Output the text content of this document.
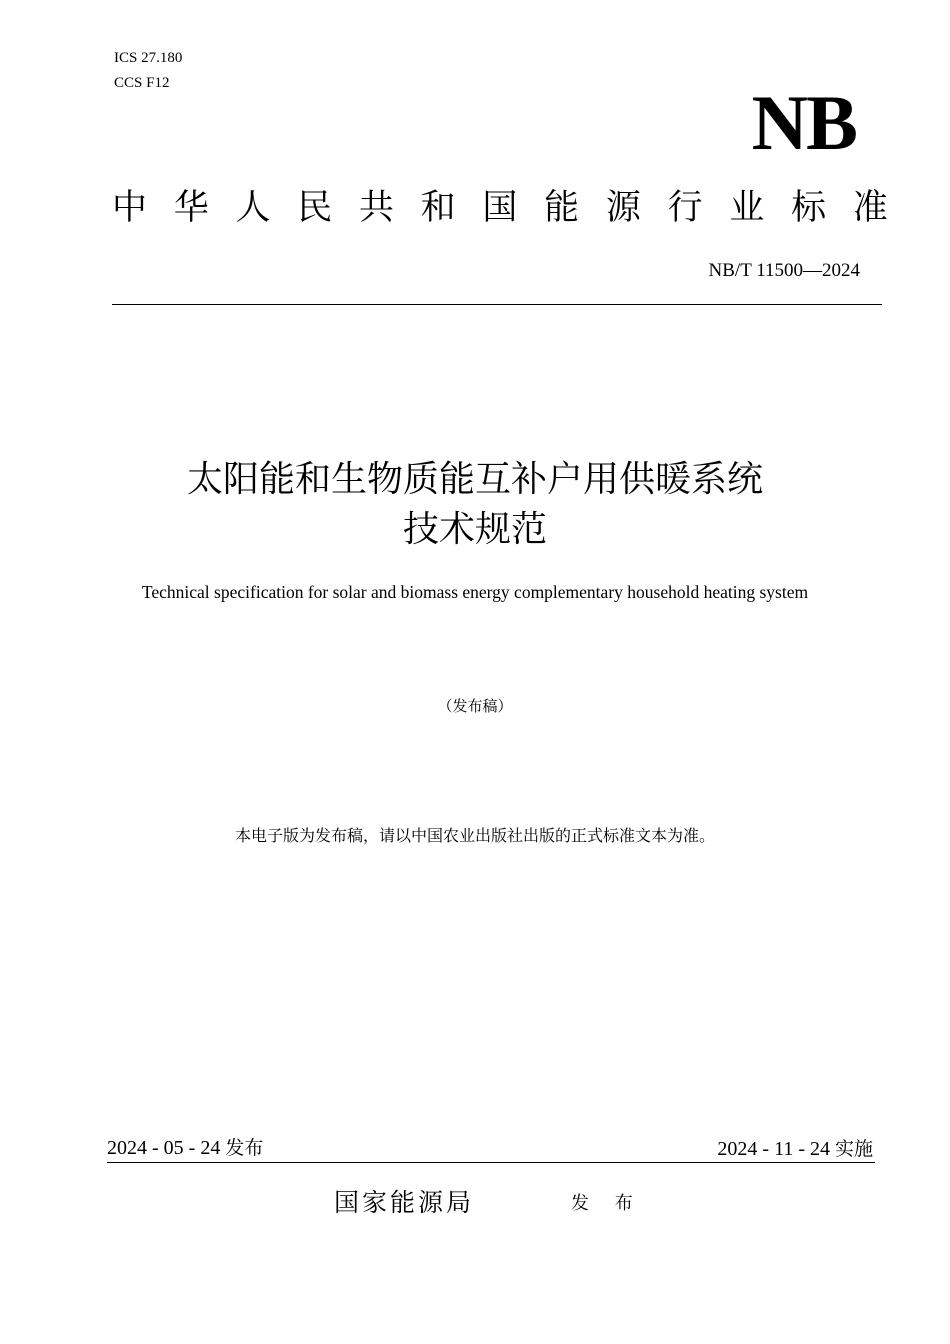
ICS 27.180
CCS F12	NB
中 华 人 民 共 和 国 能 源 行 业 标 准
NB/T 11500—2024
太阳能和生物质能互补户用供暖系统
技术规范
Technical specification for solar and biomass energy complementary household heating system
（发布稿）
本电子版为发布稿，请以中国农业出版社出版的正式标准文本为准。
2024 - 05 - 24 发布	2024 - 11 - 24 实施
国家能源局	发 布
